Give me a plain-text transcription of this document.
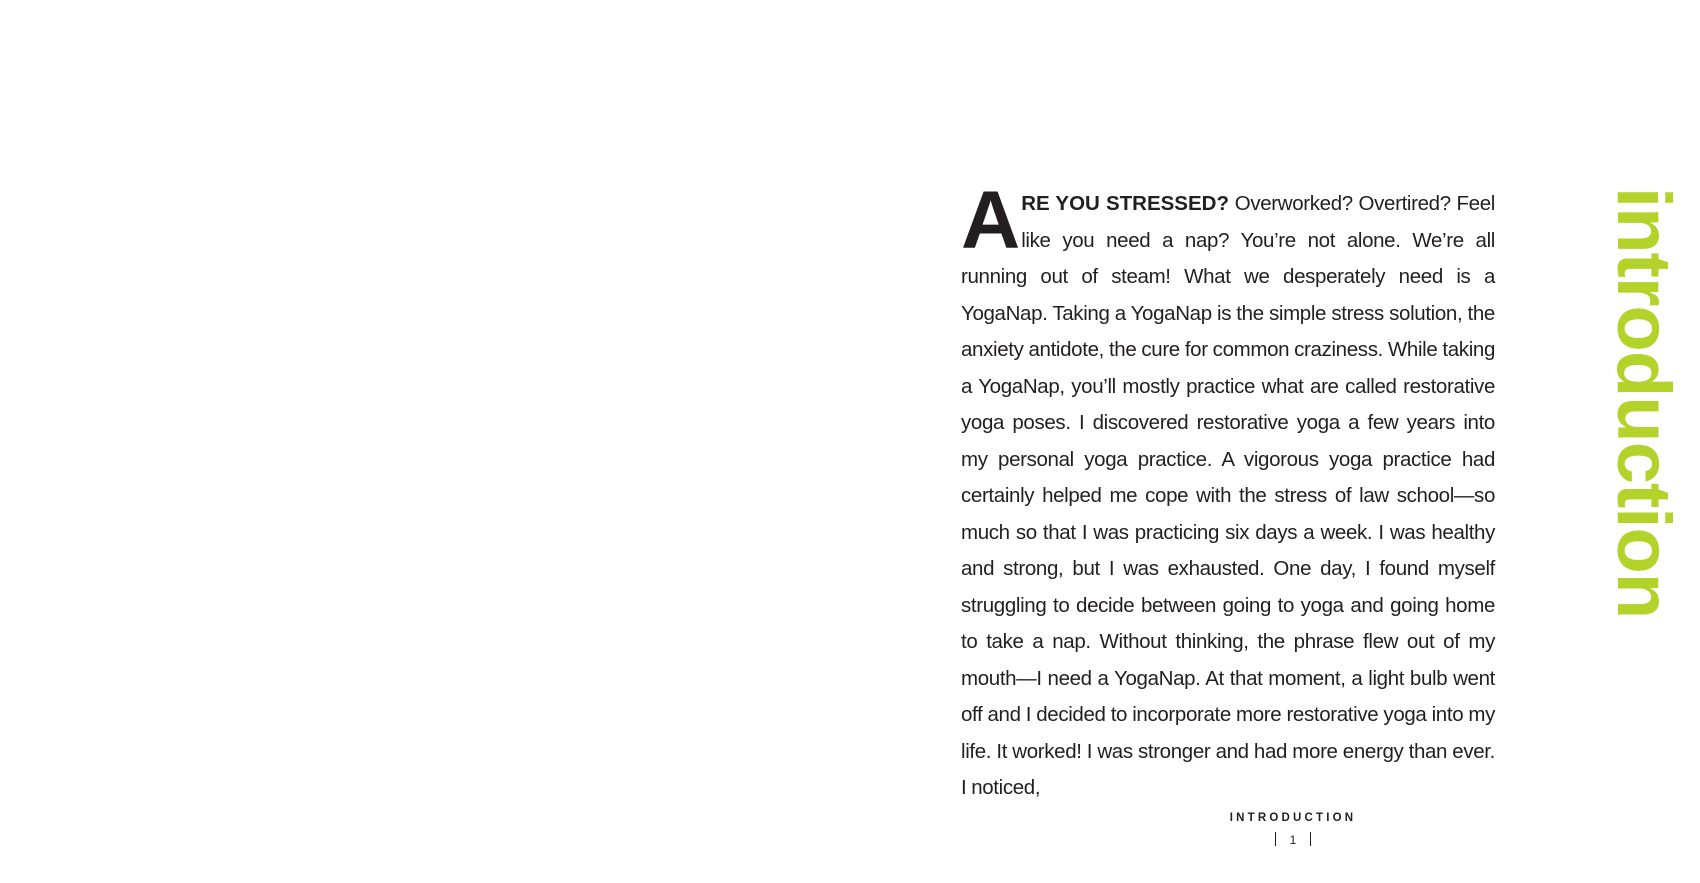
ARE YOU STRESSED? Overworked? Overtired? Feel like you need a nap? You’re not alone. We’re all running out of steam! What we desperately need is a YogaNap. Taking a YogaNap is the simple stress solution, the anxiety antidote, the cure for common craziness. While taking a YogaNap, you’ll mostly practice what are called restorative yoga poses. I discovered restorative yoga a few years into my personal yoga practice. A vigorous yoga practice had certainly helped me cope with the stress of law school—so much so that I was practicing six days a week. I was healthy and strong, but I was exhausted. One day, I found myself struggling to decide between going to yoga and going home to take a nap. Without thinking, the phrase flew out of my mouth—I need a YogaNap. At that moment, a light bulb went off and I decided to incorporate more restorative yoga into my life. It worked! I was stronger and had more energy than ever. I noticed,

introduction
INTRODUCTION
1
